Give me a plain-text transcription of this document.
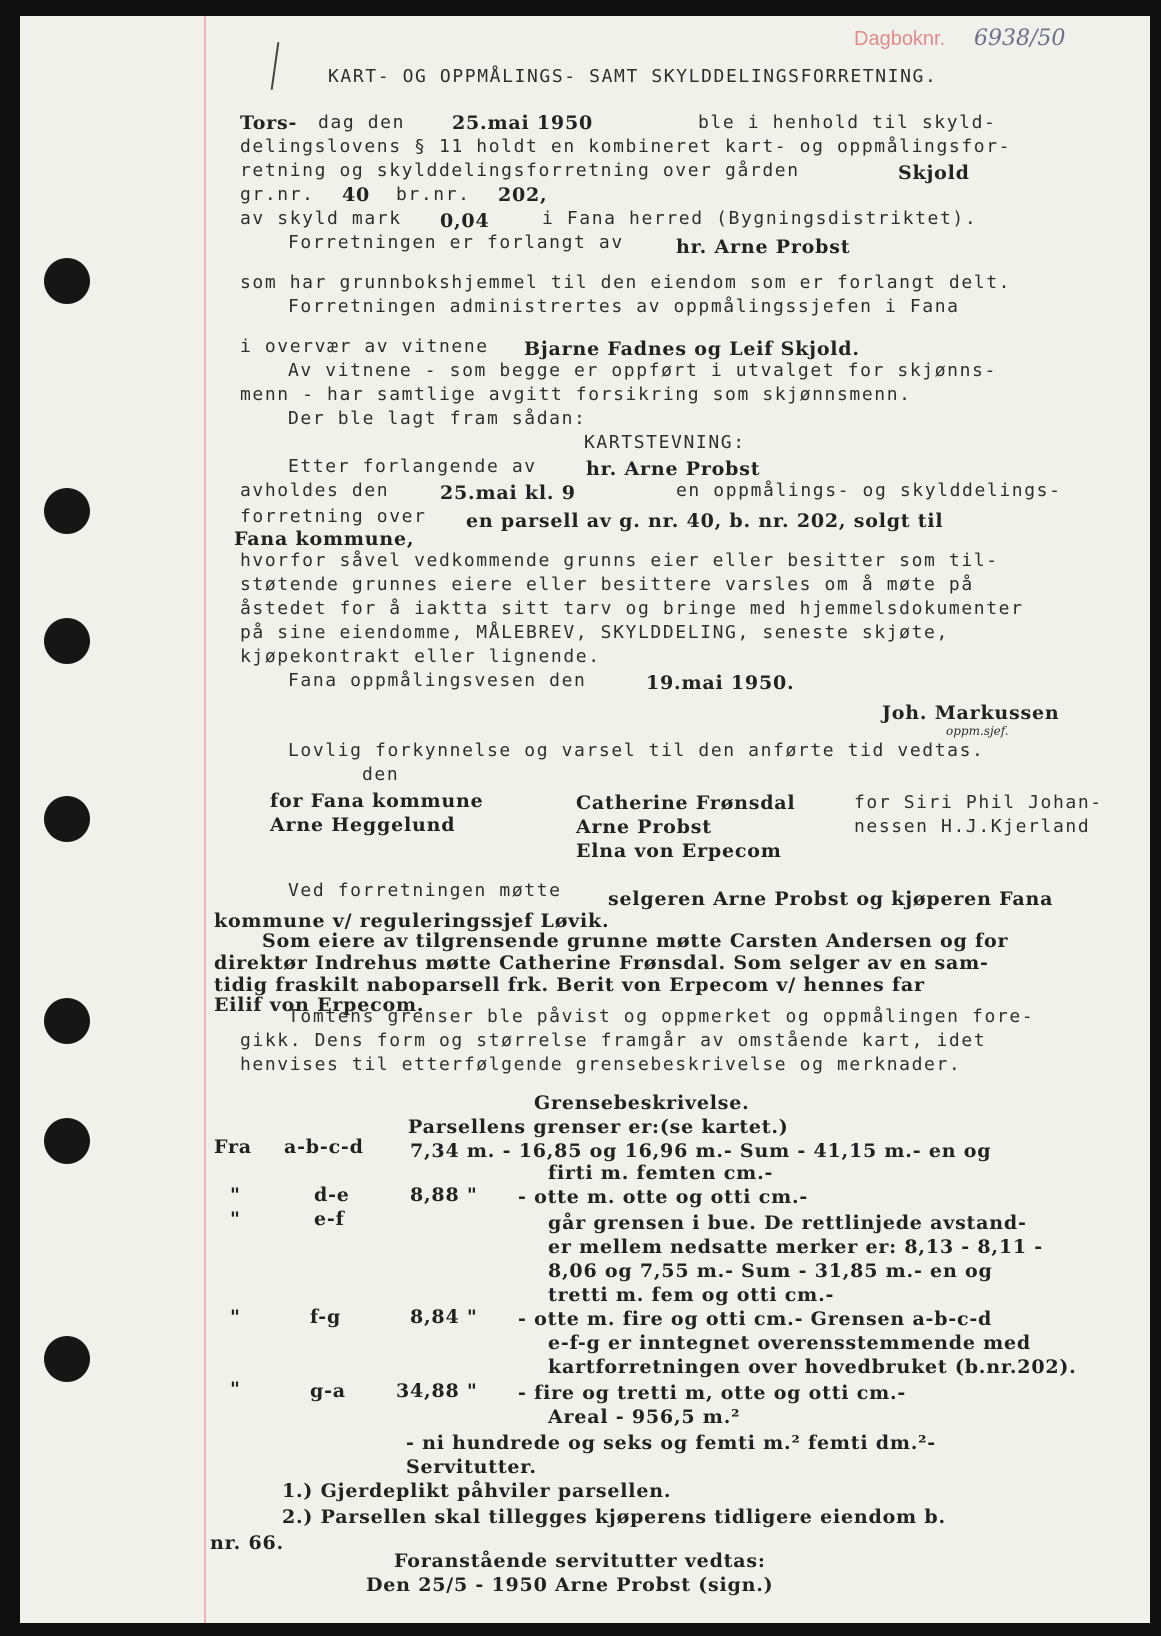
Dagboknr. 6938/50
KART- OG OPPMÅLINGS- SAMT SKYLDDELINGSFORRETNING.
Tors- dag den 25.mai 1950	ble i henhold til skyld-
delingslovens § 11 holdt en kombineret kart- og oppmålingsfor-
retning og skylddelingsforretning over gården	Skjold
gr.nr. 40 br.nr. 202,
av skyld mark 0,04	i Fana herred (Bygningsdistriktet).
Forretningen er forlangt av	hr. Arne Probst
som har grunnbokshjemmel til den eiendom som er forlangt delt.
Forretningen administrertes av oppmålingssjefen i Fana
i overvær av vitnene Bjarne Fadnes og Leif Skjold.
Av vitnene - som begge er oppført i utvalget for skjønns-
menn - har samtlige avgitt forsikring som skjønnsmenn.
Der ble lagt fram sådan:
KARTSTEVNING:
Etter forlangende av	hr. Arne Probst
avholdes den	25.mai kl. 9	en oppmålings- og skylddelings-
forretning over en parsell av g. nr. 40, b. nr. 202, solgt til
Fana kommune,
hvorfor såvel vedkommende grunns eier eller besitter som til-
støtende grunnes eiere eller besittere varsles om å møte på
åstedet for å iaktta sitt tarv og bringe med hjemmelsdokumenter
på sine eiendomme, MÅLEBREV, SKYLDDELING, seneste skjøte,
kjøpekontrakt eller lignende.
Fana oppmålingsvesen den	19.mai 1950.
Joh. Markussen
oppm.sjef.
Lovlig forkynnelse og varsel til den anførte tid vedtas.
den
for Fana kommune
Arne Heggelund
Catherine Frønsdal
Arne Probst
Elna von Erpecom
for Siri Phil Johan-
nessen H.J.Kjerland
Ved forretningen møtte selgeren Arne Probst og kjøperen Fana
kommune v/ reguleringssjef Løvik.
Som eiere av tilgrensende grunne møtte Carsten Andersen og for
direktør Indrehus møtte Catherine Frønsdal. Som selger av en sam-
tidig fraskilt naboparsell frk. Berit von Erpecom v/ hennes far
Eilif von Erpecom.
Tomtens grenser ble påvist og oppmerket og oppmålingen fore-
gikk. Dens form og størrelse framgår av omstående kart, idet
henvises til etterfølgende grensebeskrivelse og merknader.
Grensebeskrivelse.
Parsellens grenser er:(se kartet.)
Fra a-b-c-d 7,34 m. - 16,85 og 16,96 m.- Sum - 41,15 m.- en og
firti m. femten cm.-
"	d-e	8,88 " - otte m. otte og otti cm.-
"	e-f	går grensen i bue. De rettlinjede avstand-
er mellem nedsatte merker er: 8,13 - 8,11 -
8,06 og 7,55 m.- Sum - 31,85 m.- en og
tretti m. fem og otti cm.-
"	f-g	8,84 " - otte m. fire og otti cm.- Grensen a-b-c-d
e-f-g er inntegnet overensstemmende med
kartforretningen over hovedbruket (b.nr.202).
"	g-a	34,88 " - fire og tretti m, otte og otti cm.-
Areal - 956,5 m.²
- ni hundrede og seks og femti m.² femti dm.²-
Servitutter.
1.) Gjerdeplikt påhviler parsellen.
2.) Parsellen skal tillegges kjøperens tidligere eiendom b.
nr. 66.
Foranstående servitutter vedtas:
Den 25/5 - 1950 Arne Probst (sign.)
